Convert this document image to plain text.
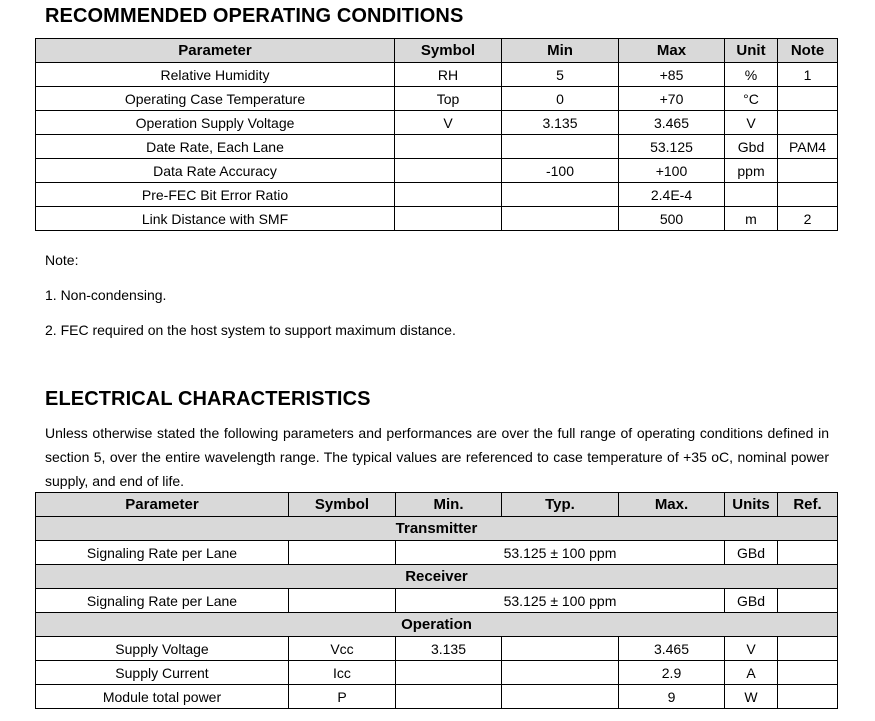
RECOMMENDED OPERATING CONDITIONS
Parameter	Symbol	Min	Max	Unit	Note
Relative Humidity	RH	5	+85	%	1
Operating Case Temperature	Top	0	+70	°C	
Operation Supply Voltage	V	3.135	3.465	V	
Date Rate, Each Lane			53.125	Gbd	PAM4
Data Rate Accuracy		-100	+100	ppm	
Pre-FEC Bit Error Ratio			2.4E-4		
Link Distance with SMF			500	m	2
Note:
1. Non-condensing.
2. FEC required on the host system to support maximum distance.
ELECTRICAL CHARACTERISTICS
Unless otherwise stated the following parameters and performances are over the full range of operating conditions defined in section 5, over the entire wavelength range. The typical values are referenced to case temperature of +35 oC, nominal power supply, and end of life.
Parameter	Symbol	Min.	Typ.	Max.	Units	Ref.
Transmitter						
Signaling Rate per Lane		53.125 ± 100 ppm			GBd	
Receiver						
Signaling Rate per Lane		53.125 ± 100 ppm			GBd	
Operation						
Supply Voltage	Vcc	3.135		3.465	V	
Supply Current	Icc			2.9	A	
Module total power	P			9	W	
